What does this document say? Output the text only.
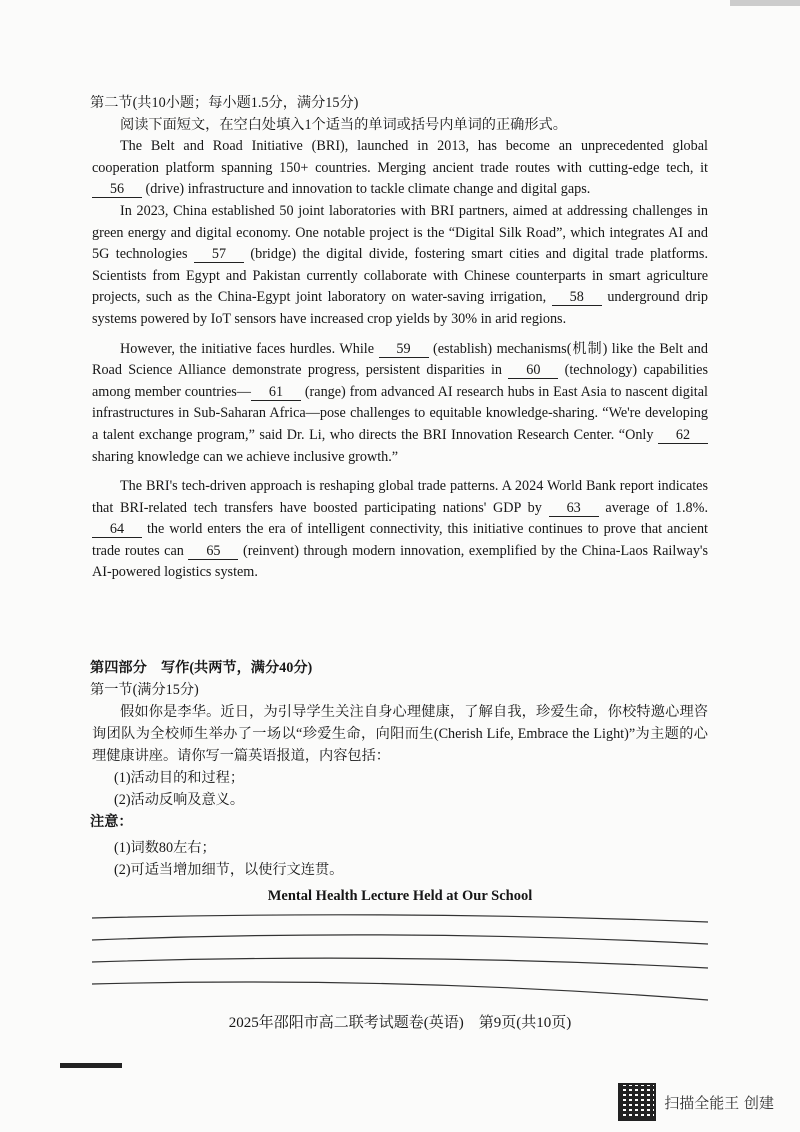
第二节(共10小题；每小题1.5分，满分15分)

阅读下面短文，在空白处填入1个适当的单词或括号内单词的正确形式。

The Belt and Road Initiative (BRI), launched in 2013, has become an unprecedented global cooperation platform spanning 150+ countries. Merging ancient trade routes with cutting-edge tech, it 56 (drive) infrastructure and innovation to tackle climate change and digital gaps.

In 2023, China established 50 joint laboratories with BRI partners, aimed at addressing challenges in green energy and digital economy. One notable project is the “Digital Silk Road”, which integrates AI and 5G technologies 57 (bridge) the digital divide, fostering smart cities and digital trade platforms. Scientists from Egypt and Pakistan currently collaborate with Chinese counterparts in smart agriculture projects, such as the China-Egypt joint laboratory on water-saving irrigation, 58 underground drip systems powered by IoT sensors have increased crop yields by 30% in arid regions.

However, the initiative faces hurdles. While 59 (establish) mechanisms(机制) like the Belt and Road Science Alliance demonstrate progress, persistent disparities in 60 (technology) capabilities among member countries— 61 (range) from advanced AI research hubs in East Asia to nascent digital infrastructures in Sub-Saharan Africa—pose challenges to equitable knowledge-sharing. “We're developing a talent exchange program,” said Dr. Li, who directs the BRI Innovation Research Center. “Only 62 sharing knowledge can we achieve inclusive growth.”

The BRI's tech-driven approach is reshaping global trade patterns. A 2024 World Bank report indicates that BRI-related tech transfers have boosted participating nations' GDP by 63 average of 1.8%. 64 the world enters the era of intelligent connectivity, this initiative continues to prove that ancient trade routes can 65 (reinvent) through modern innovation, exemplified by the China-Laos Railway's AI-powered logistics system.

第四部分　写作(共两节，满分40分)

第一节(满分15分)

假如你是李华。近日，为引导学生关注自身心理健康，了解自我，珍爱生命，你校特邀心理咨询团队为全校师生举办了一场以“珍爱生命，向阳而生(Cherish Life, Embrace the Light)”为主题的心理健康讲座。请你写一篇英语报道，内容包括：

(1)活动目的和过程；

(2)活动反响及意义。

注意：

(1)词数80左右；

(2)可适当增加细节，以使行文连贯。

Mental Health Lecture Held at Our School

2025年邵阳市高二联考试题卷(英语)　第9页(共10页)
扫描全能王 创建
